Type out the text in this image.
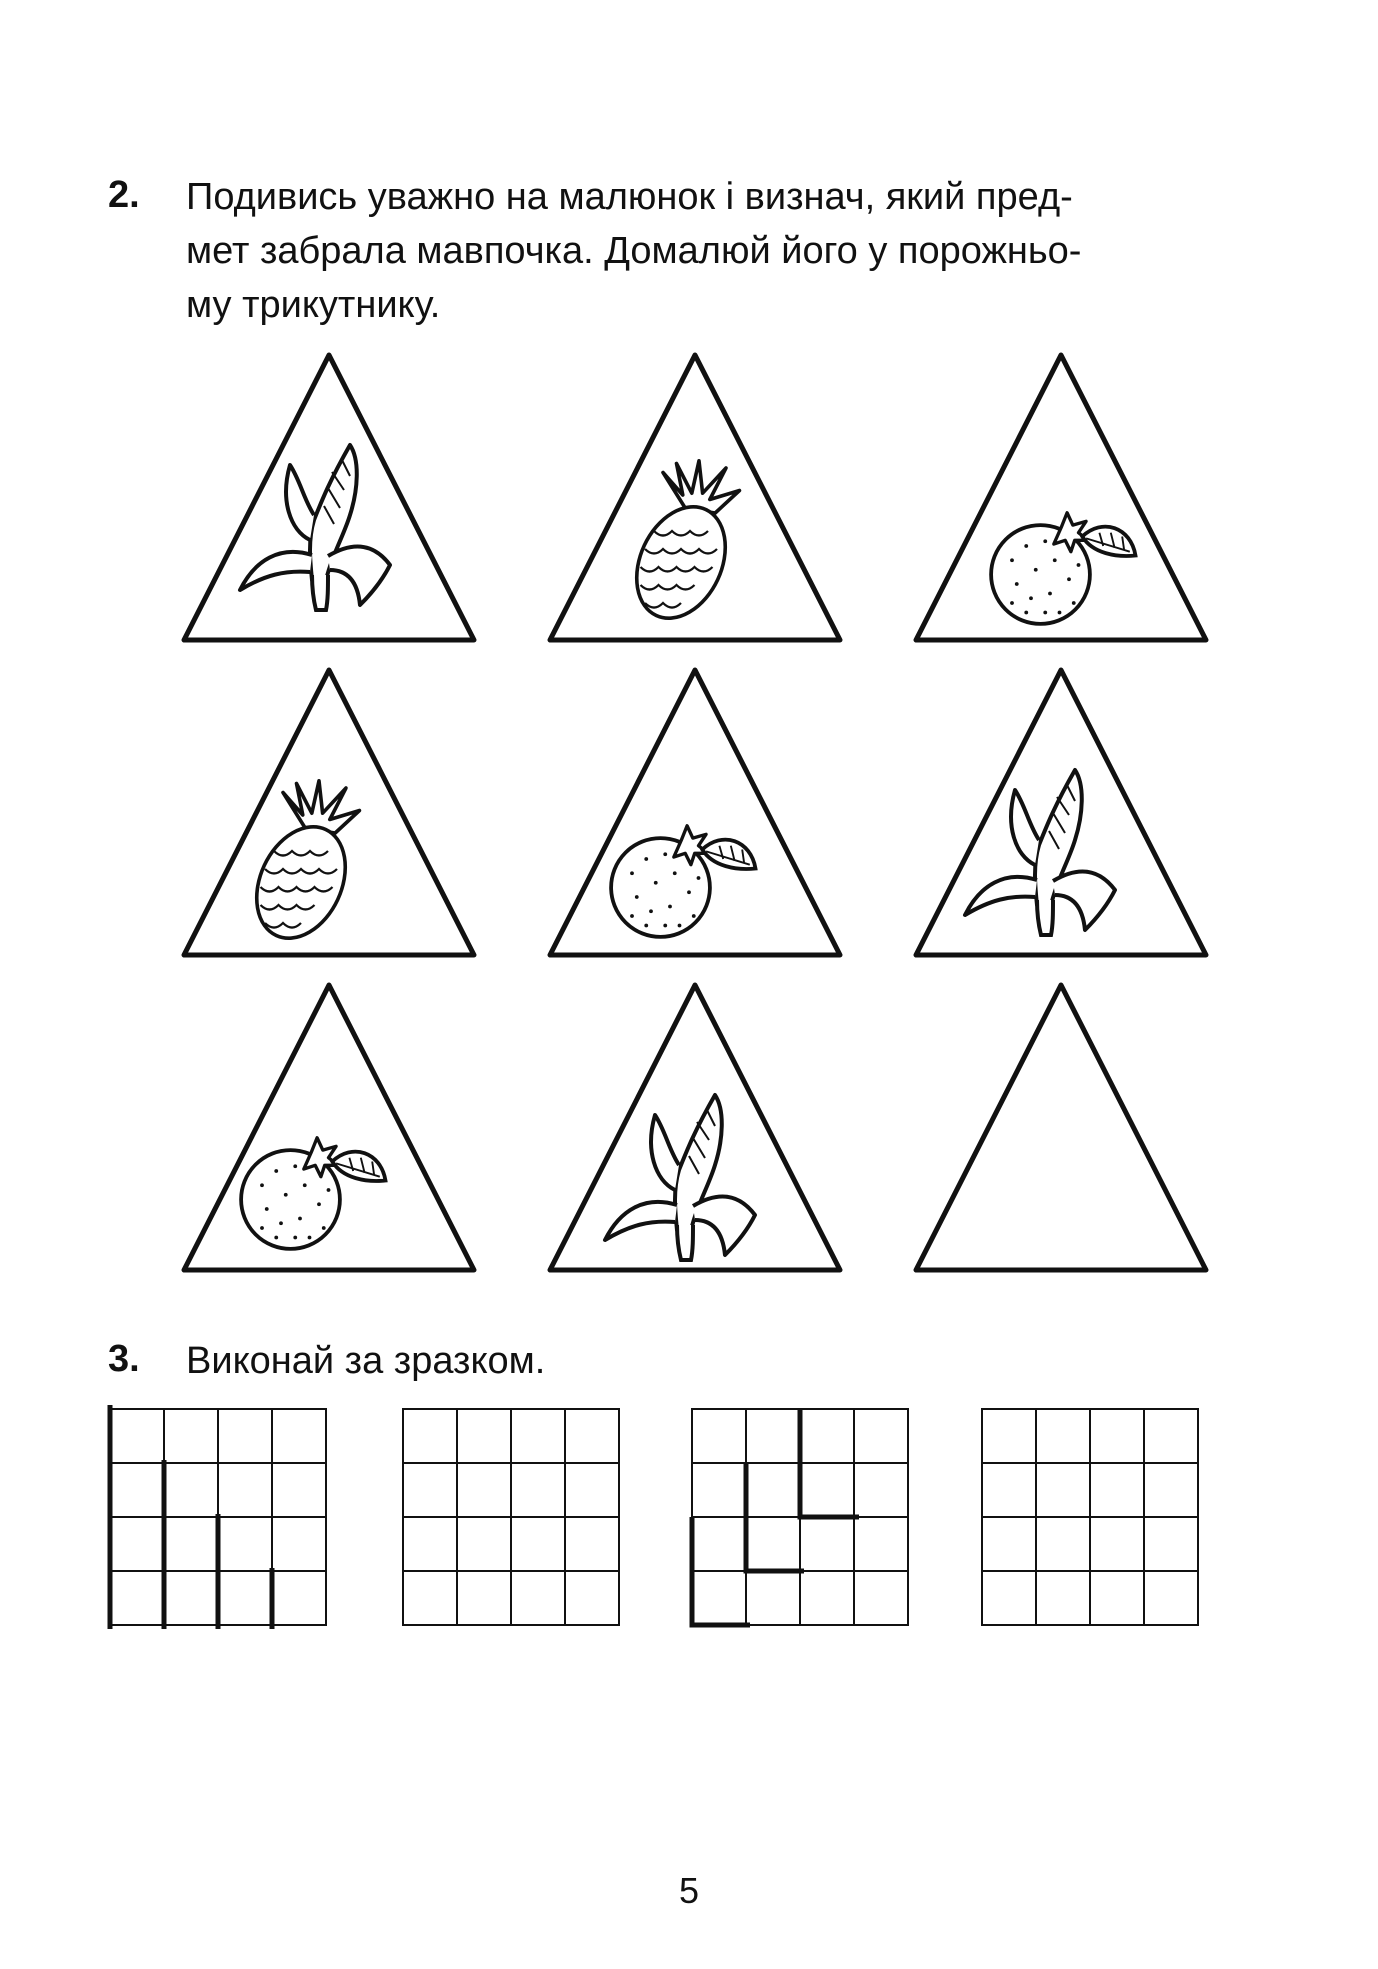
2. Подивись уважно на малюнок і визнач, який пред-
мет забрала мавпочка. Домалюй його у порожньо-
му трикутнику.
3. Виконай за зразком.
5
